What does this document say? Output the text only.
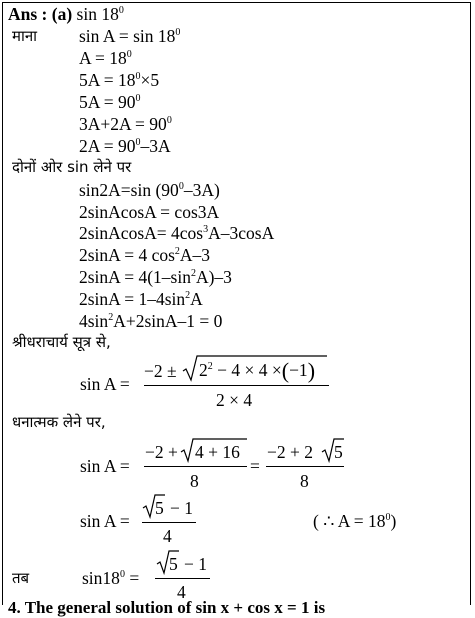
Ans : (a) $\sin 18^0$
माना $\sin A = \sin 18^0$
$A = 18^0$
$5A = 18^0\times 5$
$5A = 90^0$
$3A+2A = 90^0$
$2A = 90^0-3A$
दोनों ओर sin लेने पर
sin2A=sin $(90^0-3A)$
2sinAcosA = cos3A
2sinAcosA= $4\cos^3A-3\cos A$
2sinA = 4 $\cos^2A-3$
$2\sin A = 4(1-\sin^2A)-3$
$2\sin A = 1-4\sin^2A$
$4\sin^2A+2\sin A-1 = 0$
श्रीधराचार्य सूत्र से,
sin A =
$-2 \pm 2^2 - 4 \times 4 \times(-1)$
2 × 4
धनात्मक लेने पर,
sin A =
−2 + 4 + 16
8
=
−2 + 2 5
8
sin A =
5 − 1
4
( ∴ $A = 18^0$)
तब	$\sin 18^0$ =
5 − 1
4
4. The general solution of sin x + cos x = 1 is
